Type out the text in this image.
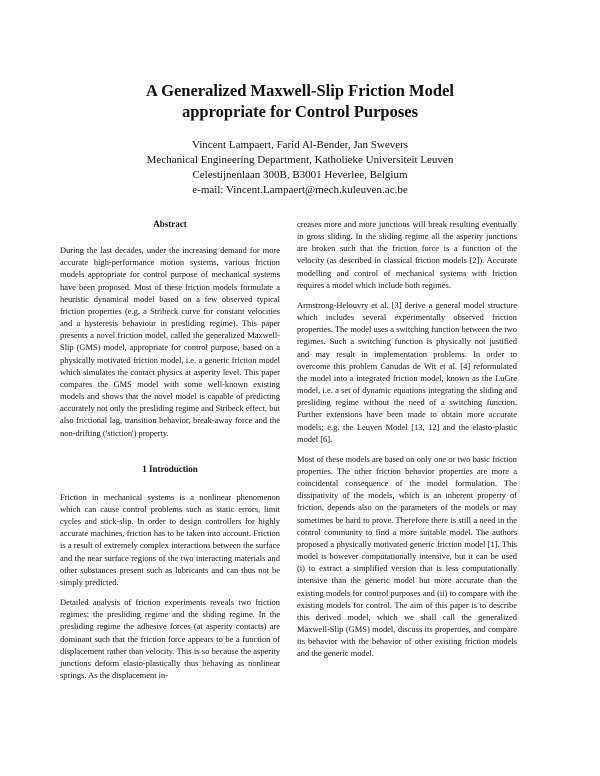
A Generalized Maxwell-Slip Friction Model
appropriate for Control Purposes
Vincent Lampaert, Farid Al-Bender, Jan Swevers
Mechanical Engineering Department, Katholieke Universiteit Leuven
Celestijnenlaan 300B, B3001 Heverlee, Belgium
e-mail: Vincent.Lampaert@mech.kuleuven.ac.be
Abstract

During the last decades, under the increasing demand for more accurate high-performance motion systems, various friction models appropriate for control purpose of mechanical systems have been proposed. Most of these friction models formulate a heuristic dynamical model based on a few observed typical friction properties (e.g. a Stribeck curve for constant velocities and a hysteresis behaviour in presliding regime). This paper presents a novel friction model, called the generalized Maxwell-Slip (GMS) model, appropriate for control purpose, based on a physically motivated friction model, i.e. a generic friction model which simulates the contact physics at asperity level. This paper compares the GMS model with some well-known existing models and shows that the novel model is capable of predicting accurately not only the presliding regime and Stribeck effect, but also frictional lag, transition behavior, break-away force and the non-drifting ('stiction') property.

1 Introduction

Friction in mechanical systems is a nonlinear phenomenon which can cause control problems such as static errors, limit cycles and stick-slip. In order to design controllers for highly accurate machines, friction has to be taken into account. Friction is a result of extremely complex interactions between the surface and the near surface regions of the two interacting materials and other substances present such as lubricants and can thus not be simply predicted.

Detailed analysis of friction experiments reveals two friction regimes: the presliding regime and the sliding regime. In the presliding regime the adhesive forces (at asperity contacts) are dominant such that the friction force appears to be a function of displacement rather than velocity. This is so because the asperity junctions deform elasto-plastically thus behaving as nonlinear springs. As the displacement in-

creases more and more junctions will break resulting eventually in gross sliding. In the sliding regime all the asperity junctions are broken such that the friction force is a function of the velocity (as described in classical friction models [2]). Accurate modelling and control of mechanical systems with friction requires a model which include both regimes.

Armstrong-Helouvry et al. [3] derive a general model structure which includes several experimentally observed friction properties. The model uses a switching function between the two regimes. Such a switching function is physically not justified and may result in implementation problems. In order to overcome this problem Canudas de Wit et al. [4] reformulated the model into a integrated friction model, known as the LuGre model, i.e. a set of dynamic equations integrating the sliding and presliding regime without the need of a switching function. Further extensions have been made to obtain more accurate models; e.g. the Leuven Model [13, 12] and the elasto-plastic model [6].

Most of these models are based on only one or two basic friction properties. The other friction behavior properties are more a coincidental consequence of the model formulation. The dissipativity of the models, which is an inherent property of friction, depends also on the parameters of the models or may sometimes be hard to prove. Therefore there is still a need in the control community to find a more suitable model. The authors proposed a physically motivated generic friction model [1]. This model is however computationally intensive, but it can be used (i) to extract a simplified version that is less computationally intensive than the generic model but more accurate than the existing models for control purposes and (ii) to compare with the existing models for control. The aim of this paper is to describe this derived model, which we shall call the generalized Maxwell-Slip (GMS) model, discuss its properties, and compare its behavior with the behavior of other existing friction models and the generic model.
